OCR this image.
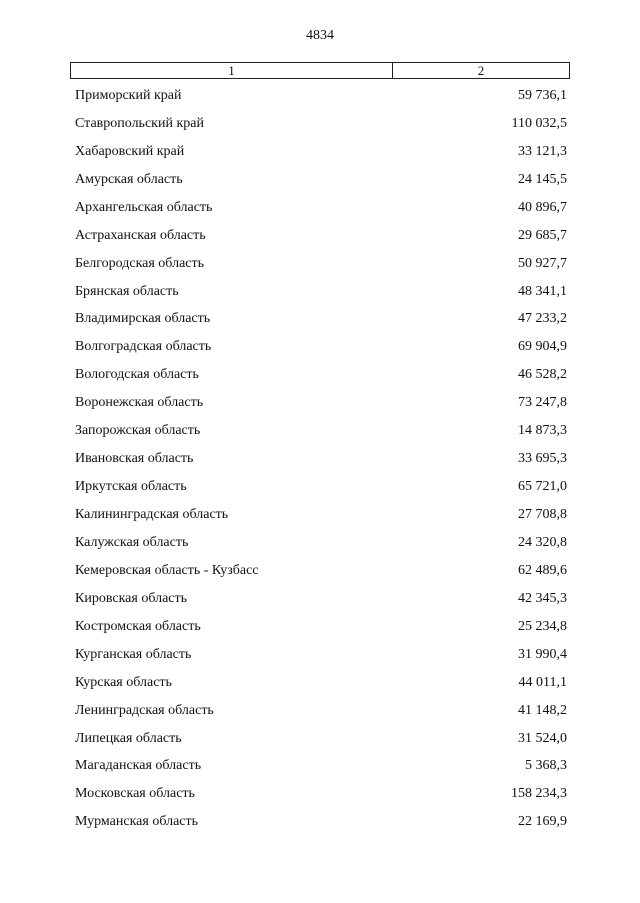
4834
1	2
Приморский край	59 736,1
Ставропольский край	110 032,5
Хабаровский край	33 121,3
Амурская область	24 145,5
Архангельская область	40 896,7
Астраханская область	29 685,7
Белгородская область	50 927,7
Брянская область	48 341,1
Владимирская область	47 233,2
Волгоградская область	69 904,9
Вологодская область	46 528,2
Воронежская область	73 247,8
Запорожская область	14 873,3
Ивановская область	33 695,3
Иркутская область	65 721,0
Калининградская область	27 708,8
Калужская область	24 320,8
Кемеровская область - Кузбасс	62 489,6
Кировская область	42 345,3
Костромская область	25 234,8
Курганская область	31 990,4
Курская область	44 011,1
Ленинградская область	41 148,2
Липецкая область	31 524,0
Магаданская область	5 368,3
Московская область	158 234,3
Мурманская область	22 169,9
